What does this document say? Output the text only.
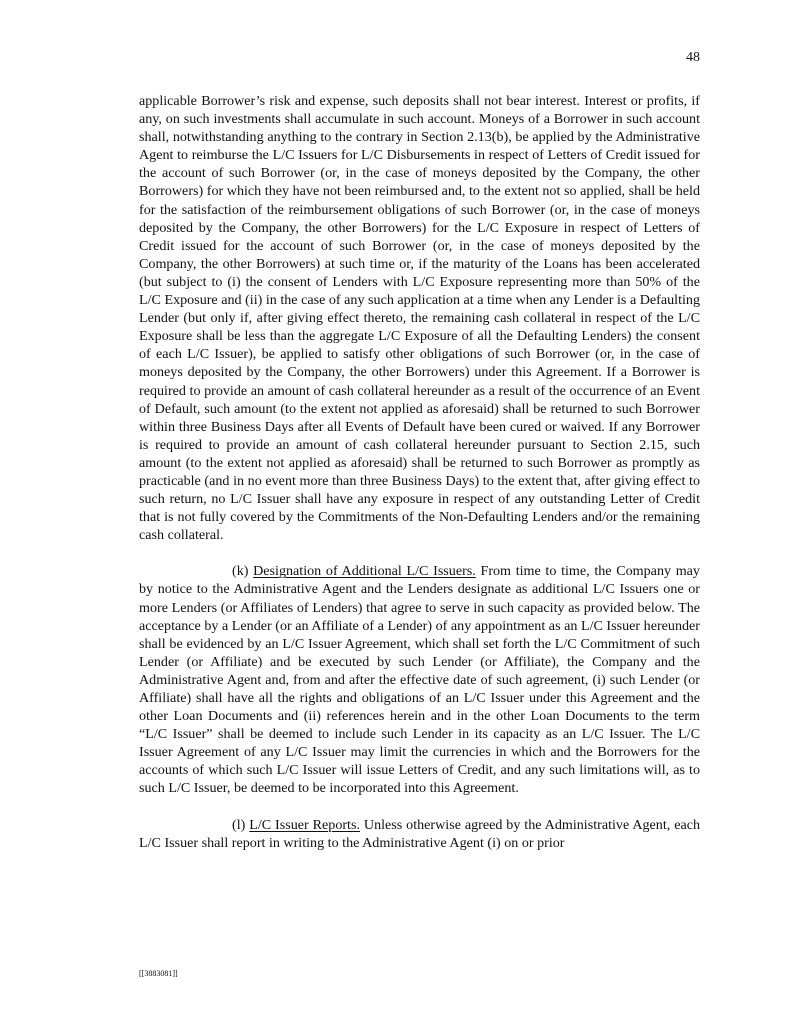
48

applicable Borrower’s risk and expense, such deposits shall not bear interest. Interest or profits, if any, on such investments shall accumulate in such account. Moneys of a Borrower in such account shall, notwithstanding anything to the contrary in Section 2.13(b), be applied by the Administrative Agent to reimburse the L/C Issuers for L/C Disbursements in respect of Letters of Credit issued for the account of such Borrower (or, in the case of moneys deposited by the Company, the other Borrowers) for which they have not been reimbursed and, to the extent not so applied, shall be held for the satisfaction of the reimbursement obligations of such Borrower (or, in the case of moneys deposited by the Company, the other Borrowers) for the L/C Exposure in respect of Letters of Credit issued for the account of such Borrower (or, in the case of moneys deposited by the Company, the other Borrowers) at such time or, if the maturity of the Loans has been accelerated (but subject to (i) the consent of Lenders with L/C Exposure representing more than 50% of the L/C Exposure and (ii) in the case of any such application at a time when any Lender is a Defaulting Lender (but only if, after giving effect thereto, the remaining cash collateral in respect of the L/C Exposure shall be less than the aggregate L/C Exposure of all the Defaulting Lenders) the consent of each L/C Issuer), be applied to satisfy other obligations of such Borrower (or, in the case of moneys deposited by the Company, the other Borrowers) under this Agreement. If a Borrower is required to provide an amount of cash collateral hereunder as a result of the occurrence of an Event of Default, such amount (to the extent not applied as aforesaid) shall be returned to such Borrower within three Business Days after all Events of Default have been cured or waived. If any Borrower is required to provide an amount of cash collateral hereunder pursuant to Section 2.15, such amount (to the extent not applied as aforesaid) shall be returned to such Borrower as promptly as practicable (and in no event more than three Business Days) to the extent that, after giving effect to such return, no L/C Issuer shall have any exposure in respect of any outstanding Letter of Credit that is not fully covered by the Commitments of the Non-Defaulting Lenders and/or the remaining cash collateral.

(k) Designation of Additional L/C Issuers. From time to time, the Company may by notice to the Administrative Agent and the Lenders designate as additional L/C Issuers one or more Lenders (or Affiliates of Lenders) that agree to serve in such capacity as provided below. The acceptance by a Lender (or an Affiliate of a Lender) of any appointment as an L/C Issuer hereunder shall be evidenced by an L/C Issuer Agreement, which shall set forth the L/C Commitment of such Lender (or Affiliate) and be executed by such Lender (or Affiliate), the Company and the Administrative Agent and, from and after the effective date of such agreement, (i) such Lender (or Affiliate) shall have all the rights and obligations of an L/C Issuer under this Agreement and the other Loan Documents and (ii) references herein and in the other Loan Documents to the term “L/C Issuer” shall be deemed to include such Lender in its capacity as an L/C Issuer. The L/C Issuer Agreement of any L/C Issuer may limit the currencies in which and the Borrowers for the accounts of which such L/C Issuer will issue Letters of Credit, and any such limitations will, as to such L/C Issuer, be deemed to be incorporated into this Agreement.

(l) L/C Issuer Reports. Unless otherwise agreed by the Administrative Agent, each L/C Issuer shall report in writing to the Administrative Agent (i) on or prior

[[3883081]]
